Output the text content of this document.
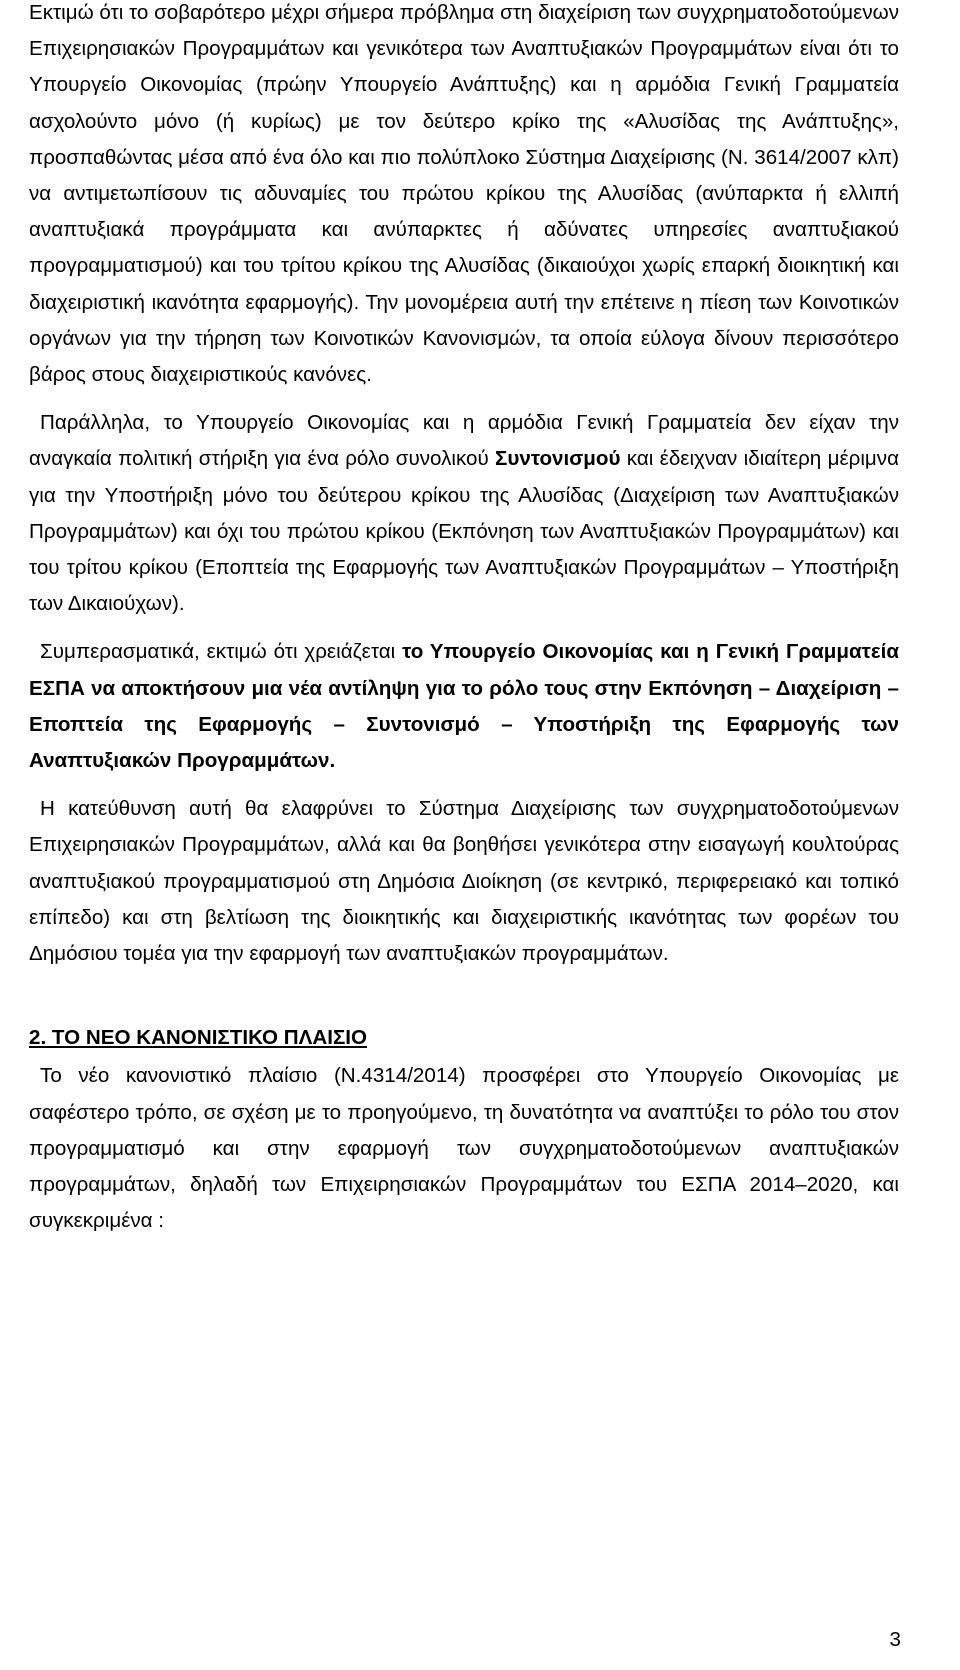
Εκτιμώ ότι το σοβαρότερο μέχρι σήμερα πρόβλημα στη διαχείριση των συγχρηματοδοτούμενων Επιχειρησιακών Προγραμμάτων και γενικότερα των Αναπτυξιακών Προγραμμάτων είναι ότι το Υπουργείο Οικονομίας (πρώην Υπουργείο Ανάπτυξης) και η αρμόδια Γενική Γραμματεία ασχολούντο μόνο (ή κυρίως) με τον δεύτερο κρίκο της «Αλυσίδας της Ανάπτυξης», προσπαθώντας μέσα από ένα όλο και πιο πολύπλοκο Σύστημα Διαχείρισης (Ν. 3614/2007 κλπ) να αντιμετωπίσουν τις αδυναμίες του πρώτου κρίκου της Αλυσίδας (ανύπαρκτα ή ελλιπή αναπτυξιακά προγράμματα και ανύπαρκτες ή αδύνατες υπηρεσίες αναπτυξιακού προγραμματισμού) και του τρίτου κρίκου της Αλυσίδας (δικαιούχοι χωρίς επαρκή διοικητική και διαχειριστική ικανότητα εφαρμογής). Την μονομέρεια αυτή την επέτεινε η πίεση των Κοινοτικών οργάνων για την τήρηση των Κοινοτικών Κανονισμών, τα οποία εύλογα δίνουν περισσότερο βάρος στους διαχειριστικούς κανόνες.

Παράλληλα, το Υπουργείο Οικονομίας και η αρμόδια Γενική Γραμματεία δεν είχαν την αναγκαία πολιτική στήριξη για ένα ρόλο συνολικού Συντονισμού και έδειχναν ιδιαίτερη μέριμνα για την Υποστήριξη μόνο του δεύτερου κρίκου της Αλυσίδας (Διαχείριση των Αναπτυξιακών Προγραμμάτων) και όχι του πρώτου κρίκου (Εκπόνηση των Αναπτυξιακών Προγραμμάτων) και του τρίτου κρίκου (Εποπτεία της Εφαρμογής των Αναπτυξιακών Προγραμμάτων – Υποστήριξη των Δικαιούχων).

Συμπερασματικά, εκτιμώ ότι χρειάζεται το Υπουργείο Οικονομίας και η Γενική Γραμματεία ΕΣΠΑ να αποκτήσουν μια νέα αντίληψη για το ρόλο τους στην Εκπόνηση – Διαχείριση – Εποπτεία της Εφαρμογής – Συντονισμό – Υποστήριξη της Εφαρμογής των Αναπτυξιακών Προγραμμάτων.

Η κατεύθυνση αυτή θα ελαφρύνει το Σύστημα Διαχείρισης των συγχρηματοδοτούμενων Επιχειρησιακών Προγραμμάτων, αλλά και θα βοηθήσει γενικότερα στην εισαγωγή κουλτούρας αναπτυξιακού προγραμματισμού στη Δημόσια Διοίκηση (σε κεντρικό, περιφερειακό και τοπικό επίπεδο) και στη βελτίωση της διοικητικής και διαχειριστικής ικανότητας των φορέων του Δημόσιου τομέα για την εφαρμογή των αναπτυξιακών προγραμμάτων.

2. ΤΟ ΝΕΟ ΚΑΝΟΝΙΣΤΙΚΟ ΠΛΑΙΣΙΟ

Το νέο κανονιστικό πλαίσιο (Ν.4314/2014) προσφέρει στο Υπουργείο Οικονομίας με σαφέστερο τρόπο, σε σχέση με το προηγούμενο, τη δυνατότητα να αναπτύξει το ρόλο του στον προγραμματισμό και στην εφαρμογή των συγχρηματοδοτούμενων αναπτυξιακών προγραμμάτων, δηλαδή των Επιχειρησιακών Προγραμμάτων του ΕΣΠΑ 2014–2020, και συγκεκριμένα :

3
